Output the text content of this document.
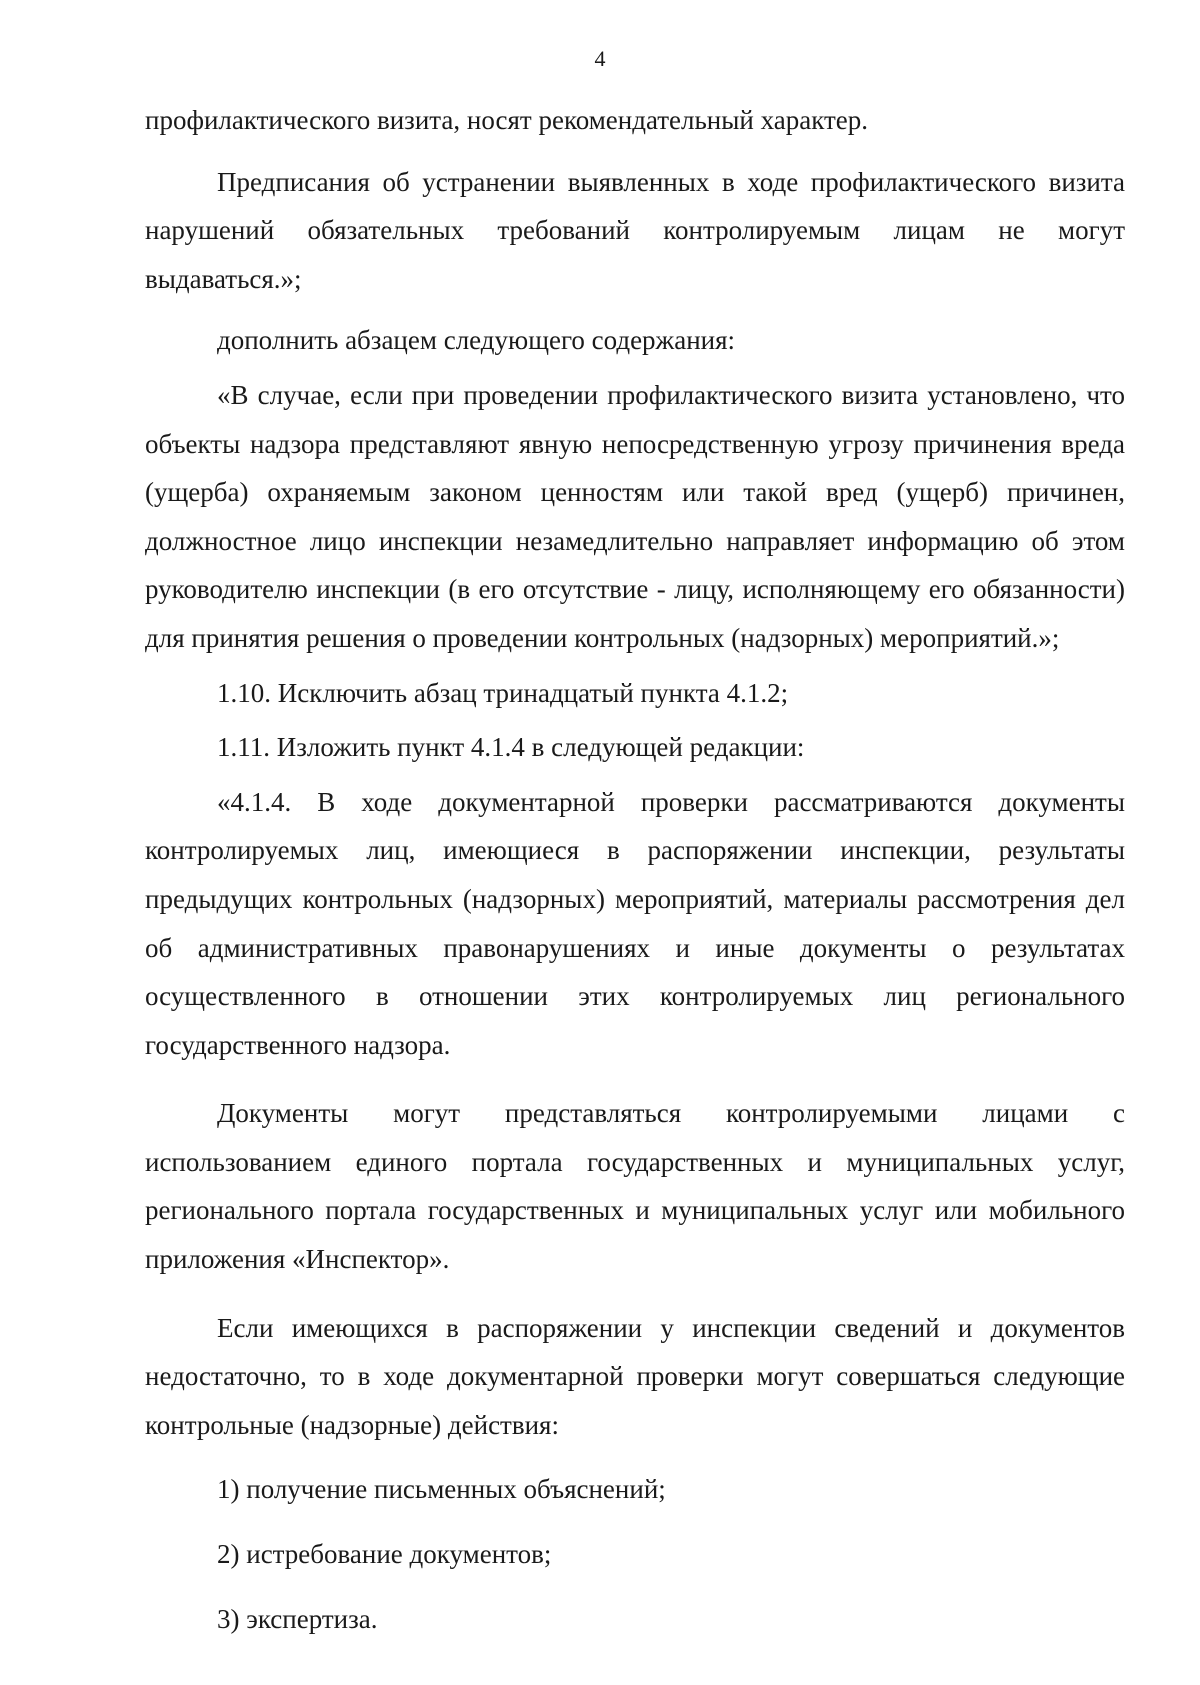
4

профилактического визита, носят рекомендательный характер.

Предписания об устранении выявленных в ходе профилактического визита нарушений обязательных требований контролируемым лицам не могут выдаваться.»;

дополнить абзацем следующего содержания:

«В случае, если при проведении профилактического визита установлено, что объекты надзора представляют явную непосредственную угрозу причинения вреда (ущерба) охраняемым законом ценностям или такой вред (ущерб) причинен, должностное лицо инспекции незамедлительно направляет информацию об этом руководителю инспекции (в его отсутствие - лицу, исполняющему его обязанности) для принятия решения о проведении контрольных (надзорных) мероприятий.»;

1.10. Исключить абзац тринадцатый пункта 4.1.2;

1.11. Изложить пункт 4.1.4 в следующей редакции:

«4.1.4. В ходе документарной проверки рассматриваются документы контролируемых лиц, имеющиеся в распоряжении инспекции, результаты предыдущих контрольных (надзорных) мероприятий, материалы рассмотрения дел об административных правонарушениях и иные документы о результатах осуществленного в отношении этих контролируемых лиц регионального государственного надзора.

Документы могут представляться контролируемыми лицами с использованием единого портала государственных и муниципальных услуг, регионального портала государственных и муниципальных услуг или мобильного приложения «Инспектор».

Если имеющихся в распоряжении у инспекции сведений и документов недостаточно, то в ходе документарной проверки могут совершаться следующие контрольные (надзорные) действия:

1) получение письменных объяснений;

2) истребование документов;

3) экспертиза.
